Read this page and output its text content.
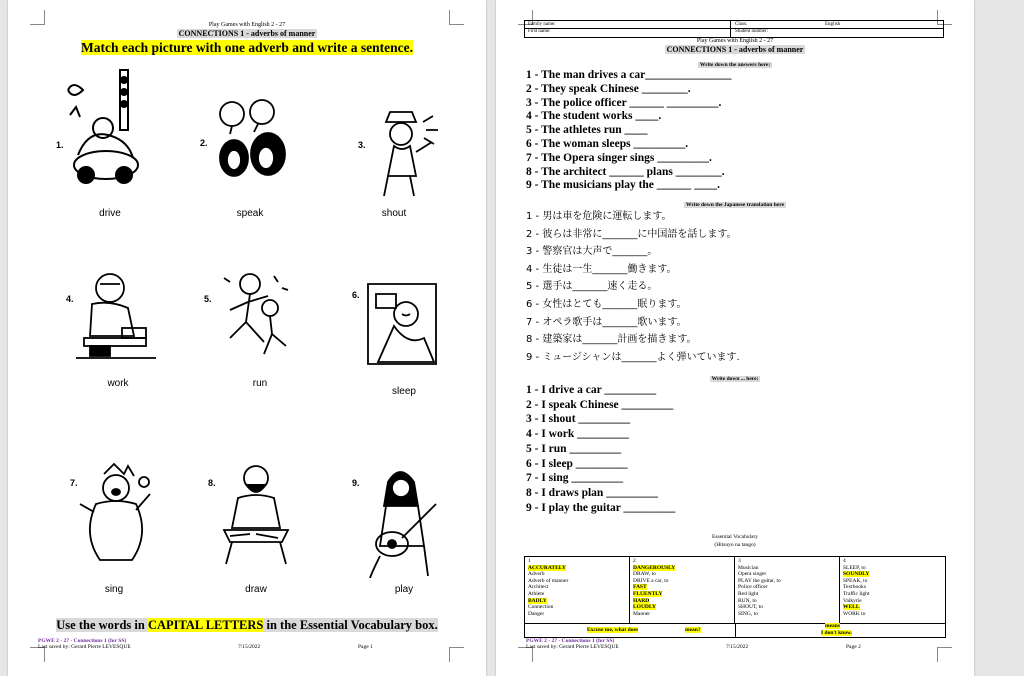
Play Games with English 2 - 27
CONNECTIONS 1 - adverbs of manner
Match each picture with one adverb and write a sentence.
1.
drive
2.
speak
3.
shout
4.
work
5.
run
6.
sleep
7.
sing
8.
draw
9.
play
Use the words in CAPITAL LETTERS in the Essential Vocabulary box.
PGWE 2 - 27 - Connections 1 (for SS)
Last saved by: Gerard Pierre LEVESQUE	7/15/2022	Page 1
Family name:
First name:
Class:
Student number:
English
Play Games with English 2 - 27
CONNECTIONS 1 - adverbs of manner
Write down the answers here:
1 - The man drives a car_______________
2 - They speak Chinese ________.
3 - The police officer ______ _________.
4 - The student works ____.
5 - The athletes run ____
6 - The woman sleeps _________.
7 - The Opera singer sings _________.
8 - The architect ______ plans ________.
9 - The musicians play the ______ ____.
Write down the Japanese translation here
1 - 男は車を危険に運転します。
2 - 彼らは非常に_______に中国語を話します。
3 - 警察官は大声で_______。
4 - 生徒は一生_______働きます。
5 - 選手は_______速く走る。
6 - 女性はとても_______眠ります。
7 - オペラ歌手は_______歌います。
8 - 建築家は_______計画を描きます。
9 - ミュージシャンは_______よく弾いています.
Write down ... here:
1 - I drive a car _________
2 - I speak Chinese _________
3 - I shout _________
4 - I work _________
5 - I run _________
6 - I sleep _________
7 - I sing _________
8 - I draws plan _________
9 - I play the guitar _________
Essential Vocabulary
(Hitsuyo na tango)
1
ACCURATELY
Adverb
Adverb of manner
Architect
Athlete
BADLY
Connection
Danger
2
DANGEROUSLY
DRAW, to
DRIVE a car, to
FAST
FLUENTLY
HARD
LOUDLY
Manner
3
Musician
Opera singer
PLAY the guitar, to
Police officer
Red light
RUN, to
SHOUT, to
SING, to
4
SLEEP, to
SOUNDLY
SPEAK, to
Textbooks
Traffic light
Valkyrie
WELL
WORK to
Excuse me, what does	mean?
means
I don't know.
PGWE 2 - 27 - Connections 1 (for SS)
Last saved by: Gerard Pierre LEVESQUE	7/15/2022	Page 2
